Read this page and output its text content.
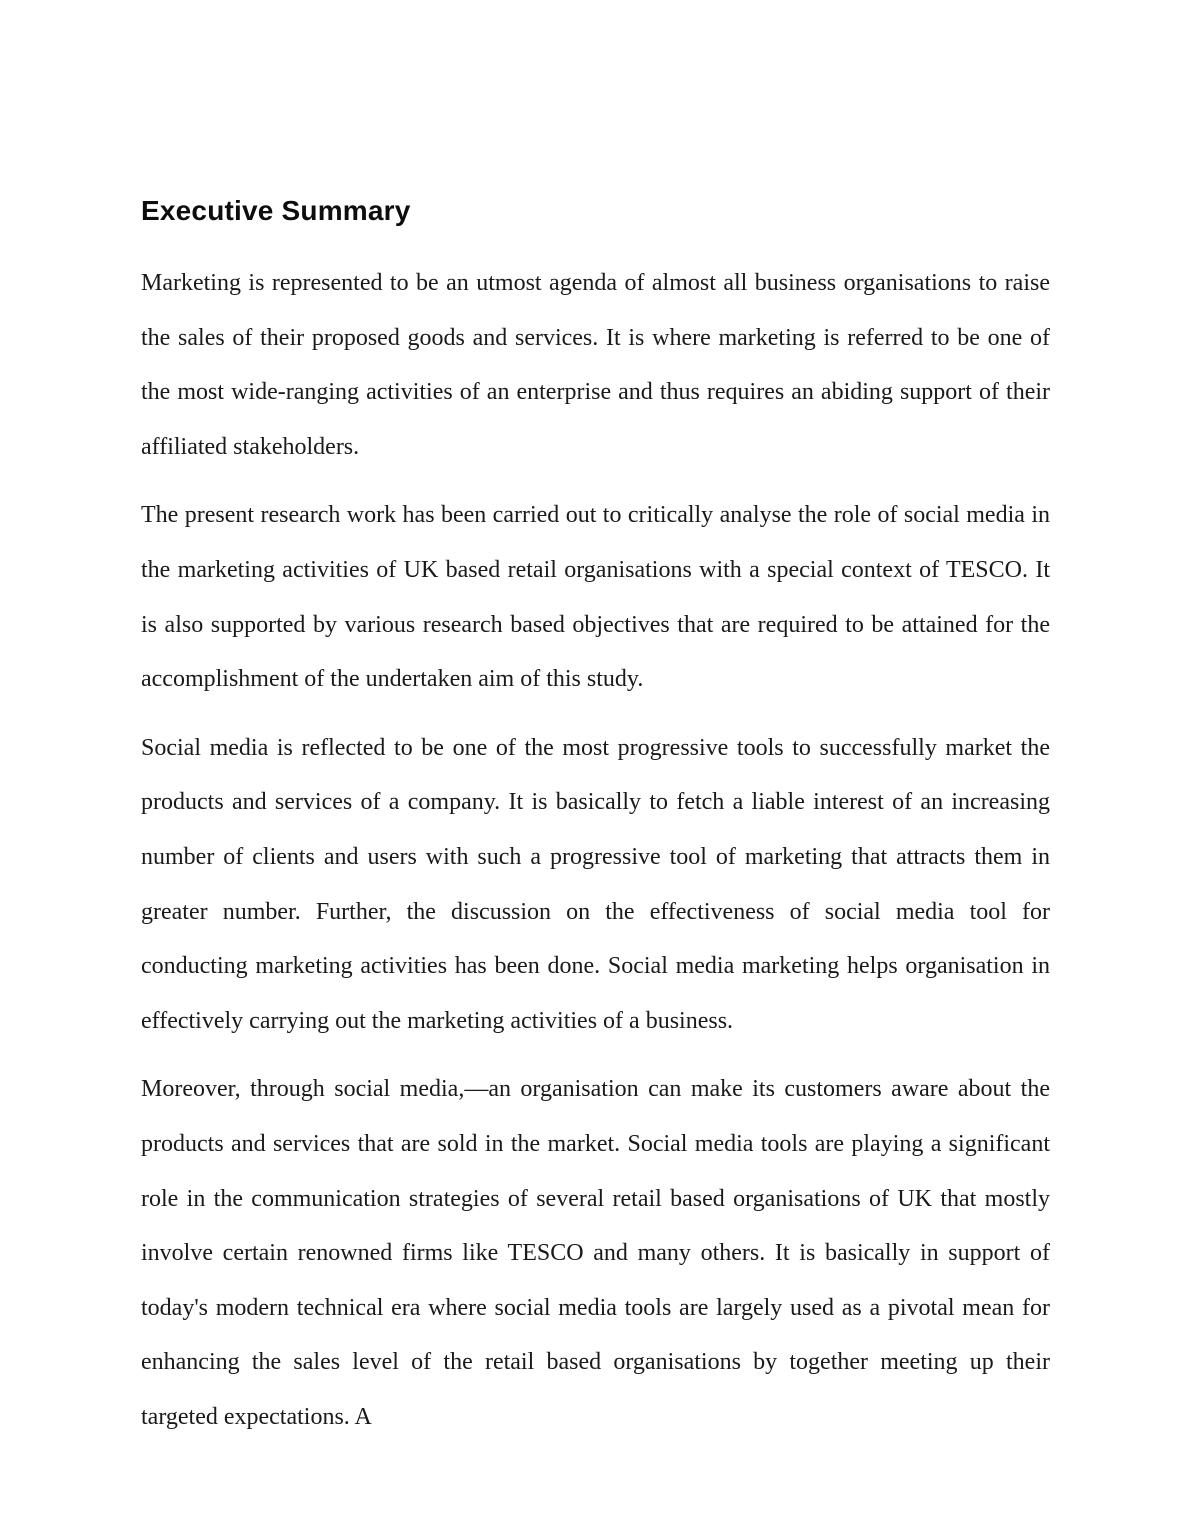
Executive Summary

Marketing is represented to be an utmost agenda of almost all business organisations to raise the sales of their proposed goods and services. It is where marketing is referred to be one of the most wide-ranging activities of an enterprise and thus requires an abiding support of their affiliated stakeholders.

The present research work has been carried out to critically analyse the role of social media in the marketing activities of UK based retail organisations with a special context of TESCO. It is also supported by various research based objectives that are required to be attained for the accomplishment of the undertaken aim of this study.

Social media is reflected to be one of the most progressive tools to successfully market the products and services of a company. It is basically to fetch a liable interest of an increasing number of clients and users with such a progressive tool of marketing that attracts them in greater number. Further, the discussion on the effectiveness of social media tool for conducting marketing activities has been done. Social media marketing helps organisation in effectively carrying out the marketing activities of a business.

Moreover, through social media,—an organisation can make its customers aware about the products and services that are sold in the market. Social media tools are playing a significant role in the communication strategies of several retail based organisations of UK that mostly involve certain renowned firms like TESCO and many others. It is basically in support of today's modern technical era where social media tools are largely used as a pivotal mean for enhancing the sales level of the retail based organisations by together meeting up their targeted expectations. A
